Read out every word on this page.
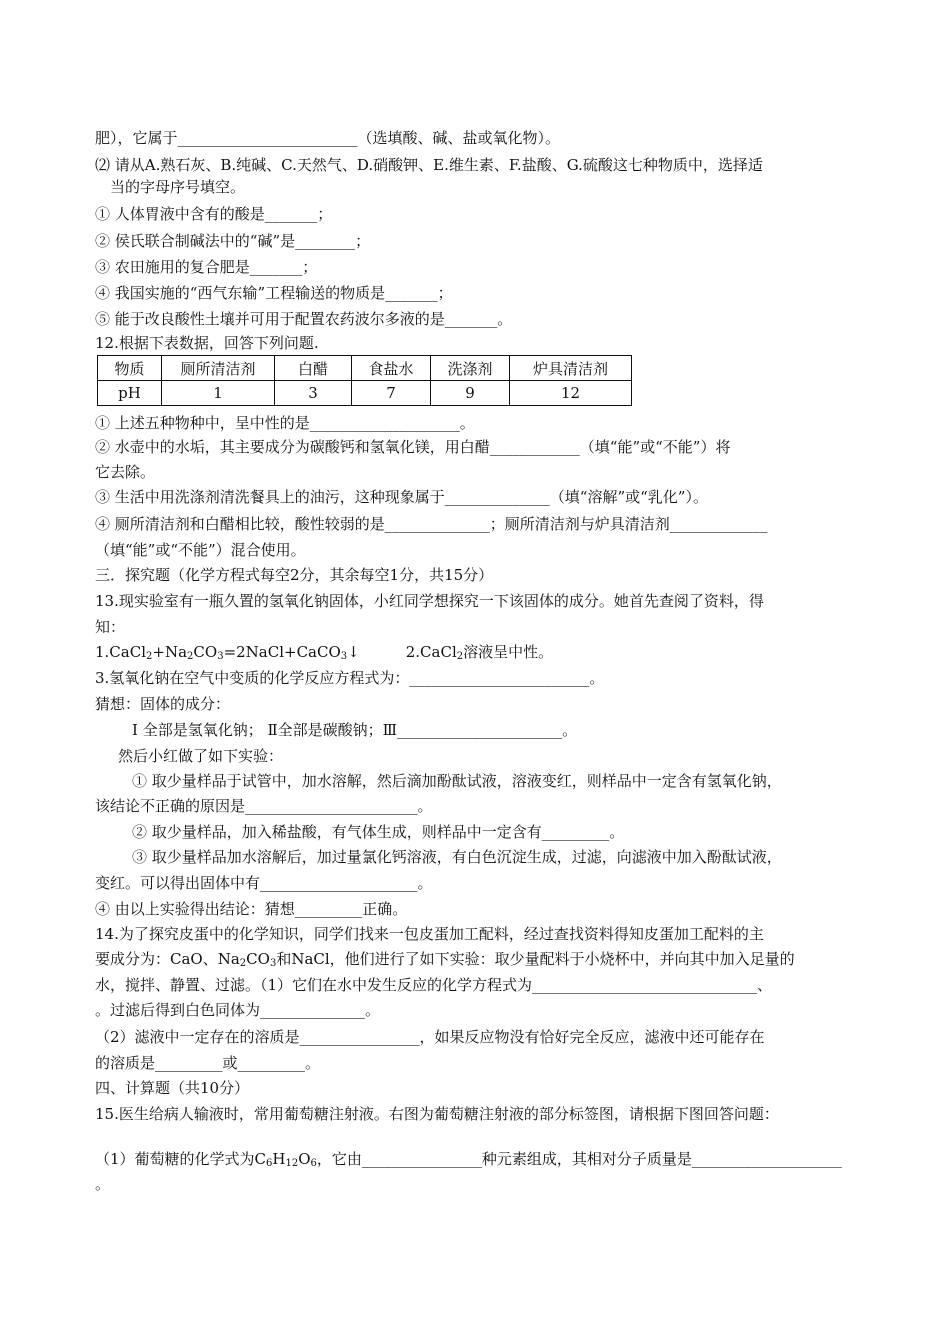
肥），它属于________________________（选填酸、碱、盐或氧化物）。
⑵ 请从A.熟石灰、B.纯碱、C.天然气、D.硝酸钾、E.维生素、F.盐酸、G.硫酸这七种物质中，选择适
当的字母序号填空。
① 人体胃液中含有的酸是_______；
② 侯氏联合制碱法中的“碱”是________；
③ 农田施用的复合肥是_______；
④ 我国实施的“西气东输”工程输送的物质是_______；
⑤ 能于改良酸性土壤并可用于配置农药波尔多液的是_______。
12.根据下表数据，回答下列问题.
物质	厕所清洁剂	白醋	食盐水	洗涤剂	炉具清洁剂
pH	1	3	7	9	12
① 上述五种物种中，呈中性的是____________________。
② 水壶中的水垢，其主要成分为碳酸钙和氢氧化镁，用白醋____________（填“能”或“不能”）将
它去除。
③ 生活中用洗涤剂清洗餐具上的油污，这种现象属于______________（填“溶解”或“乳化”）。
④ 厕所清洁剂和白醋相比较，酸性较弱的是______________；厕所清洁剂与炉具清洁剂_____________
（填“能”或“不能”）混合使用。
三．探究题（化学方程式每空2分，其余每空1分，共15分）
13.现实验室有一瓶久置的氢氧化钠固体，小红同学想探究一下该固体的成分。她首先查阅了资料，得
知：
$1.CaCl_2+Na_2CO_3=2NaCl+CaCO_3↓$	2.CaCl$_2$溶液呈中性。
3.氢氧化钠在空气中变质的化学反应方程式为：________________________。
猜想：固体的成分：
Ⅰ 全部是氢氧化钠； Ⅱ全部是碳酸钠；Ⅲ______________________。
然后小红做了如下实验：
① 取少量样品于试管中，加水溶解，然后滴加酚酞试液，溶液变红，则样品中一定含有氢氧化钠，
该结论不正确的原因是_______________________。
② 取少量样品，加入稀盐酸，有气体生成，则样品中一定含有_________。
③ 取少量样品加水溶解后，加过量氯化钙溶液，有白色沉淀生成，过滤，向滤液中加入酚酞试液，
变红。可以得出固体中有_____________________。
④ 由以上实验得出结论：猜想_________正确。
14.为了探究皮蛋中的化学知识，同学们找来一包皮蛋加工配料，经过查找资料得知皮蛋加工配料的主
要成分为：CaO、$Na_2CO_3$和NaCl，他们进行了如下实验：取少量配料于小烧杯中，并向其中加入足量的
水，搅拌、静置、过滤。（1）它们在水中发生反应的化学方程式为______________________________、
。过滤后得到白色同体为______________。
（2）滤液中一定存在的溶质是________________，如果反应物没有恰好完全反应，滤液中还可能存在
的溶质是_________或_________。
四、计算题（共10分）
15.医生给病人输液时，常用葡萄糖注射液。右图为葡萄糖注射液的部分标签图，请根据下图回答问题：
（1）葡萄糖的化学式为$C_6H_{12}O_6$，它由________________种元素组成，其相对分子质量是____________________
。
